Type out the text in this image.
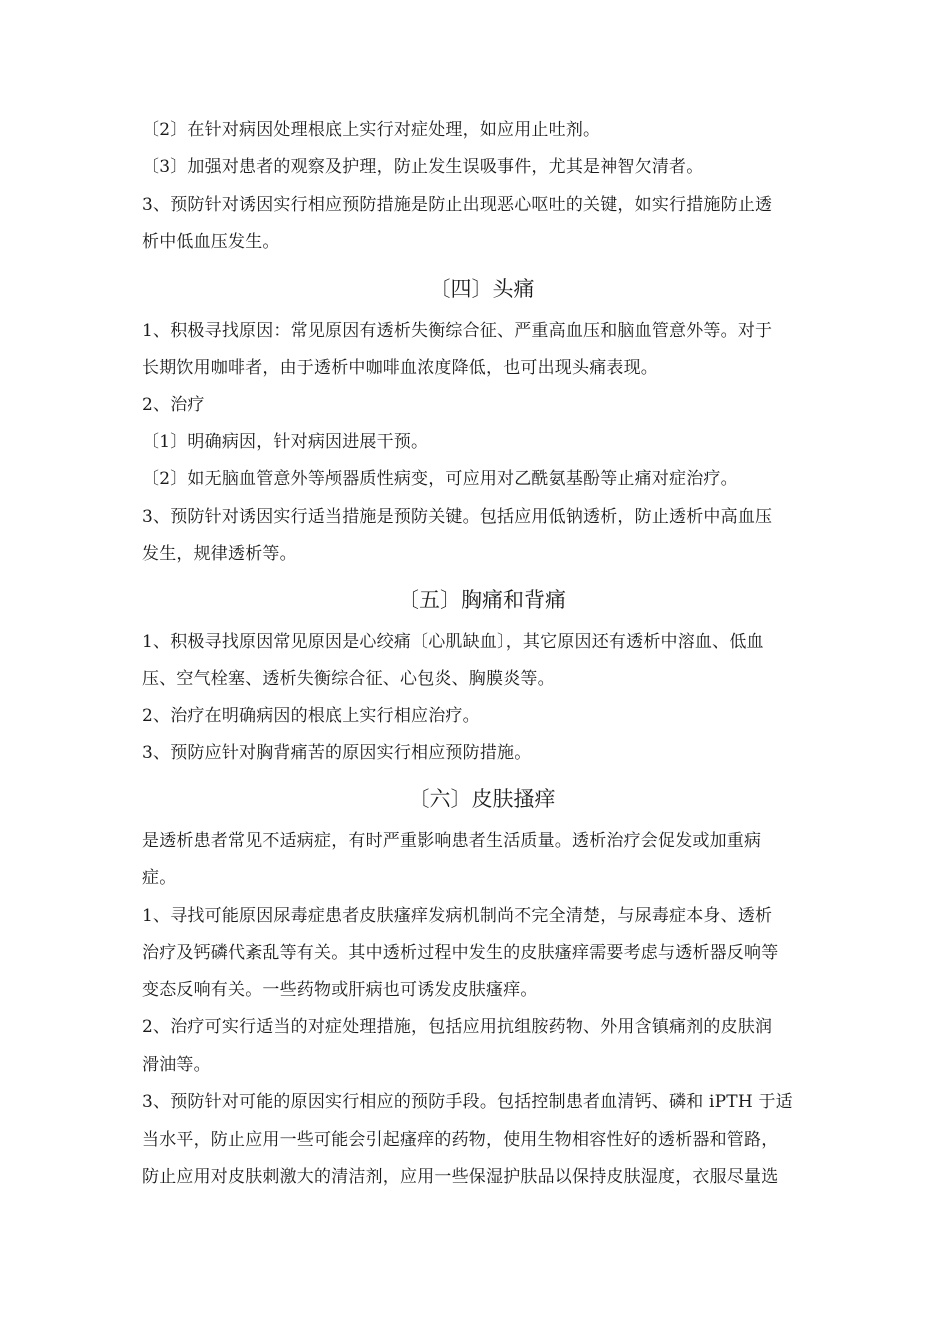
〔2〕在针对病因处理根底上实行对症处理，如应用止吐剂。
〔3〕加强对患者的观察及护理，防止发生误吸事件，尤其是神智欠清者。
3、预防针对诱因实行相应预防措施是防止出现恶心呕吐的关键，如实行措施防止透
析中低血压发生。
〔四〕头痛
1、积极寻找原因：常见原因有透析失衡综合征、严重高血压和脑血管意外等。对于
长期饮用咖啡者，由于透析中咖啡血浓度降低，也可出现头痛表现。
2、治疗
〔1〕明确病因，针对病因进展干预。
〔2〕如无脑血管意外等颅器质性病变，可应用对乙酰氨基酚等止痛对症治疗。
3、预防针对诱因实行适当措施是预防关键。包括应用低钠透析，防止透析中高血压
发生，规律透析等。
〔五〕胸痛和背痛
1、积极寻找原因常见原因是心绞痛〔心肌缺血〕，其它原因还有透析中溶血、低血
压、空气栓塞、透析失衡综合征、心包炎、胸膜炎等。
2、治疗在明确病因的根底上实行相应治疗。
3、预防应针对胸背痛苦的原因实行相应预防措施。
〔六〕皮肤搔痒
是透析患者常见不适病症，有时严重影响患者生活质量。透析治疗会促发或加重病
症。
1、寻找可能原因尿毒症患者皮肤瘙痒发病机制尚不完全清楚，与尿毒症本身、透析
治疗及钙磷代紊乱等有关。其中透析过程中发生的皮肤瘙痒需要考虑与透析器反响等
变态反响有关。一些药物或肝病也可诱发皮肤瘙痒。
2、治疗可实行适当的对症处理措施，包括应用抗组胺药物、外用含镇痛剂的皮肤润
滑油等。
3、预防针对可能的原因实行相应的预防手段。包括控制患者血清钙、磷和 iPTH 于适
当水平，防止应用一些可能会引起瘙痒的药物，使用生物相容性好的透析器和管路，
防止应用对皮肤刺激大的清洁剂，应用一些保湿护肤品以保持皮肤湿度，衣服尽量选
